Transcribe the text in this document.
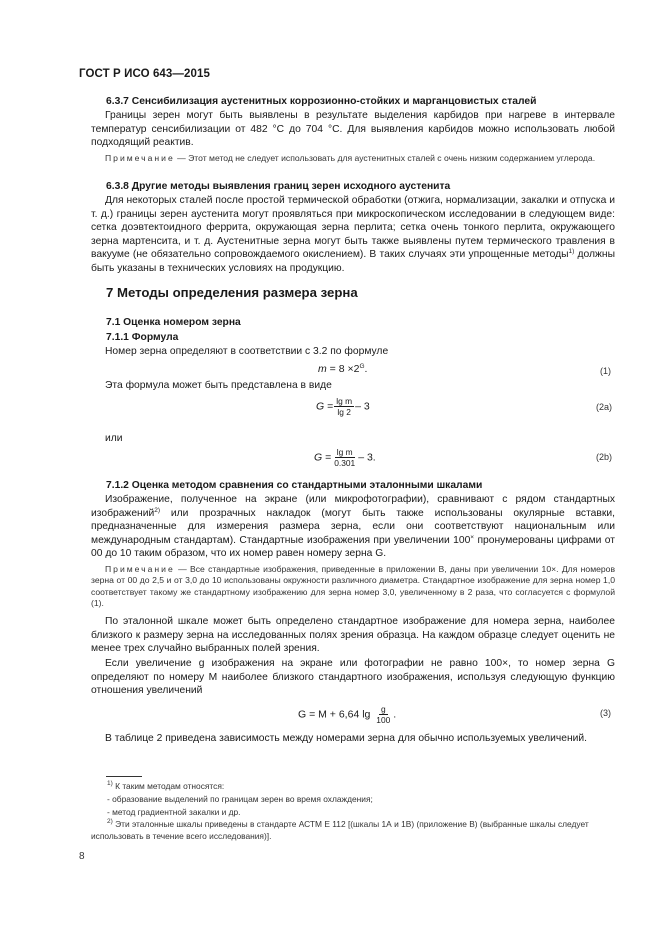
ГОСТ Р ИСО 643—2015
6.3.7 Сенсибилизация аустенитных коррозионно-стойких и марганцовистых сталей
Границы зерен могут быть выявлены в результате выделения карбидов при нагреве в интервале температур сенсибилизации от 482 °С до 704 °С. Для выявления карбидов можно использовать любой подходящий реактив.
Примечание — Этот метод не следует использовать для аустенитных сталей с очень низким содержанием углерода.
6.3.8 Другие методы выявления границ зерен исходного аустенита
Для некоторых сталей после простой термической обработки (отжига, нормализации, закалки и отпуска и т. д.) границы зерен аустенита могут проявляться при микроскопическом исследовании в следующем виде: сетка доэвтектоидного феррита, окружающая зерна перлита; сетка очень тонкого перлита, окружающего зерна мартенсита, и т. д. Аустенитные зерна могут быть также выявлены путем термического травления в вакууме (не обязательно сопровождаемого окислением). В таких случаях эти упрощенные методы$^{1)}$ должны быть указаны в технических условиях на продукцию.
7 Методы определения размера зерна
7.1 Оценка номером зерна
7.1.1 Формула
Номер зерна определяют в соответствии с 3.2 по формуле
$m = 8 \times 2^G$.	(1)
Эта формула может быть представлена в виде
$G = \frac{\text{lg m}}{\lg 2} - 3$	(2a)
или
$G = \frac{\text{lg m}}{0.301} - 3$.	(2b)
7.1.2 Оценка методом сравнения со стандартными эталонными шкалами
Изображение, полученное на экране (или микрофотографии), сравнивают с рядом стандартных изображений$^{2)}$ или прозрачных накладок (могут быть также использованы окулярные вставки, предназначенные для измерения размера зерна, если они соответствуют национальным или международным стандартам). Стандартные изображения при увеличении 100× пронумерованы цифрами от 00 до 10 таким образом, что их номер равен номеру зерна G.
Примечание — Все стандартные изображения, приведенные в приложении В, даны при увеличении 10×. Для номеров зерна от 00 до 2,5 и от 3,0 до 10 использованы окружности различного диаметра. Стандартное изображение для зерна номер 1,0 соответствует такому же стандартному изображению для зерна номер 3,0, увеличенному в 2 раза, что согласуется с формулой (1).
По эталонной шкале может быть определено стандартное изображение для номера зерна, наиболее близкого к размеру зерна на исследованных полях зрения образца. На каждом образце следует оценить не менее трех случайно выбранных полей зрения.
Если увеличение g изображения на экране или фотографии не равно 100×, то номер зерна G определяют по номеру M наиболее близкого стандартного изображения, используя следующую функцию отношения увеличений
G = M + 6,64 $\lg \frac{g}{100}$ .	(3)
В таблице 2 приведена зависимость между номерами зерна для обычно используемых увеличений.
$^{1)}$ К таким методам относятся:
- образование выделений по границам зерен во время охлаждения;
- метод градиентной закалки и др.
$^{2)}$ Эти эталонные шкалы приведены в стандарте АСТМ Е 112 [(шкалы 1А и 1В) (приложение В) (выбранные шкалы следует использовать в течение всего исследования)].
8
